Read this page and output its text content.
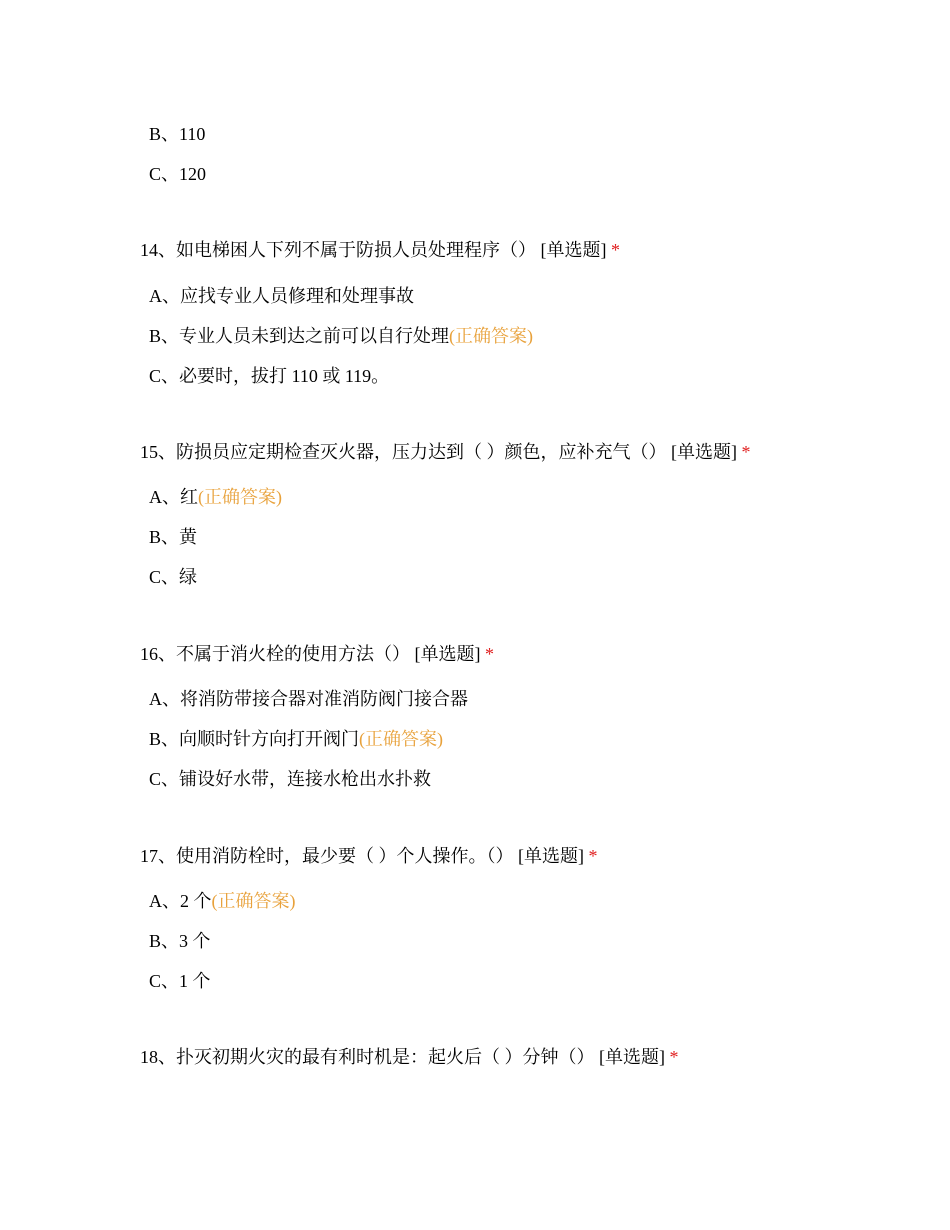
B、110
C、120
14、如电梯困人下列不属于防损人员处理程序（） [单选题] *
A、应找专业人员修理和处理事故
B、专业人员未到达之前可以自行处理(正确答案)
C、必要时，拔打 110 或 119。
15、防损员应定期检查灭火器，压力达到（ ）颜色，应补充气（） [单选题] *
A、红(正确答案)
B、黄
C、绿
16、不属于消火栓的使用方法（） [单选题] *
A、将消防带接合器对准消防阀门接合器
B、向顺时针方向打开阀门(正确答案)
C、铺设好水带，连接水枪出水扑救
17、使用消防栓时，最少要（ ）个人操作。（） [单选题] *
A、2 个(正确答案)
B、3 个
C、1 个
18、扑灭初期火灾的最有利时机是：起火后（ ）分钟（） [单选题] *
